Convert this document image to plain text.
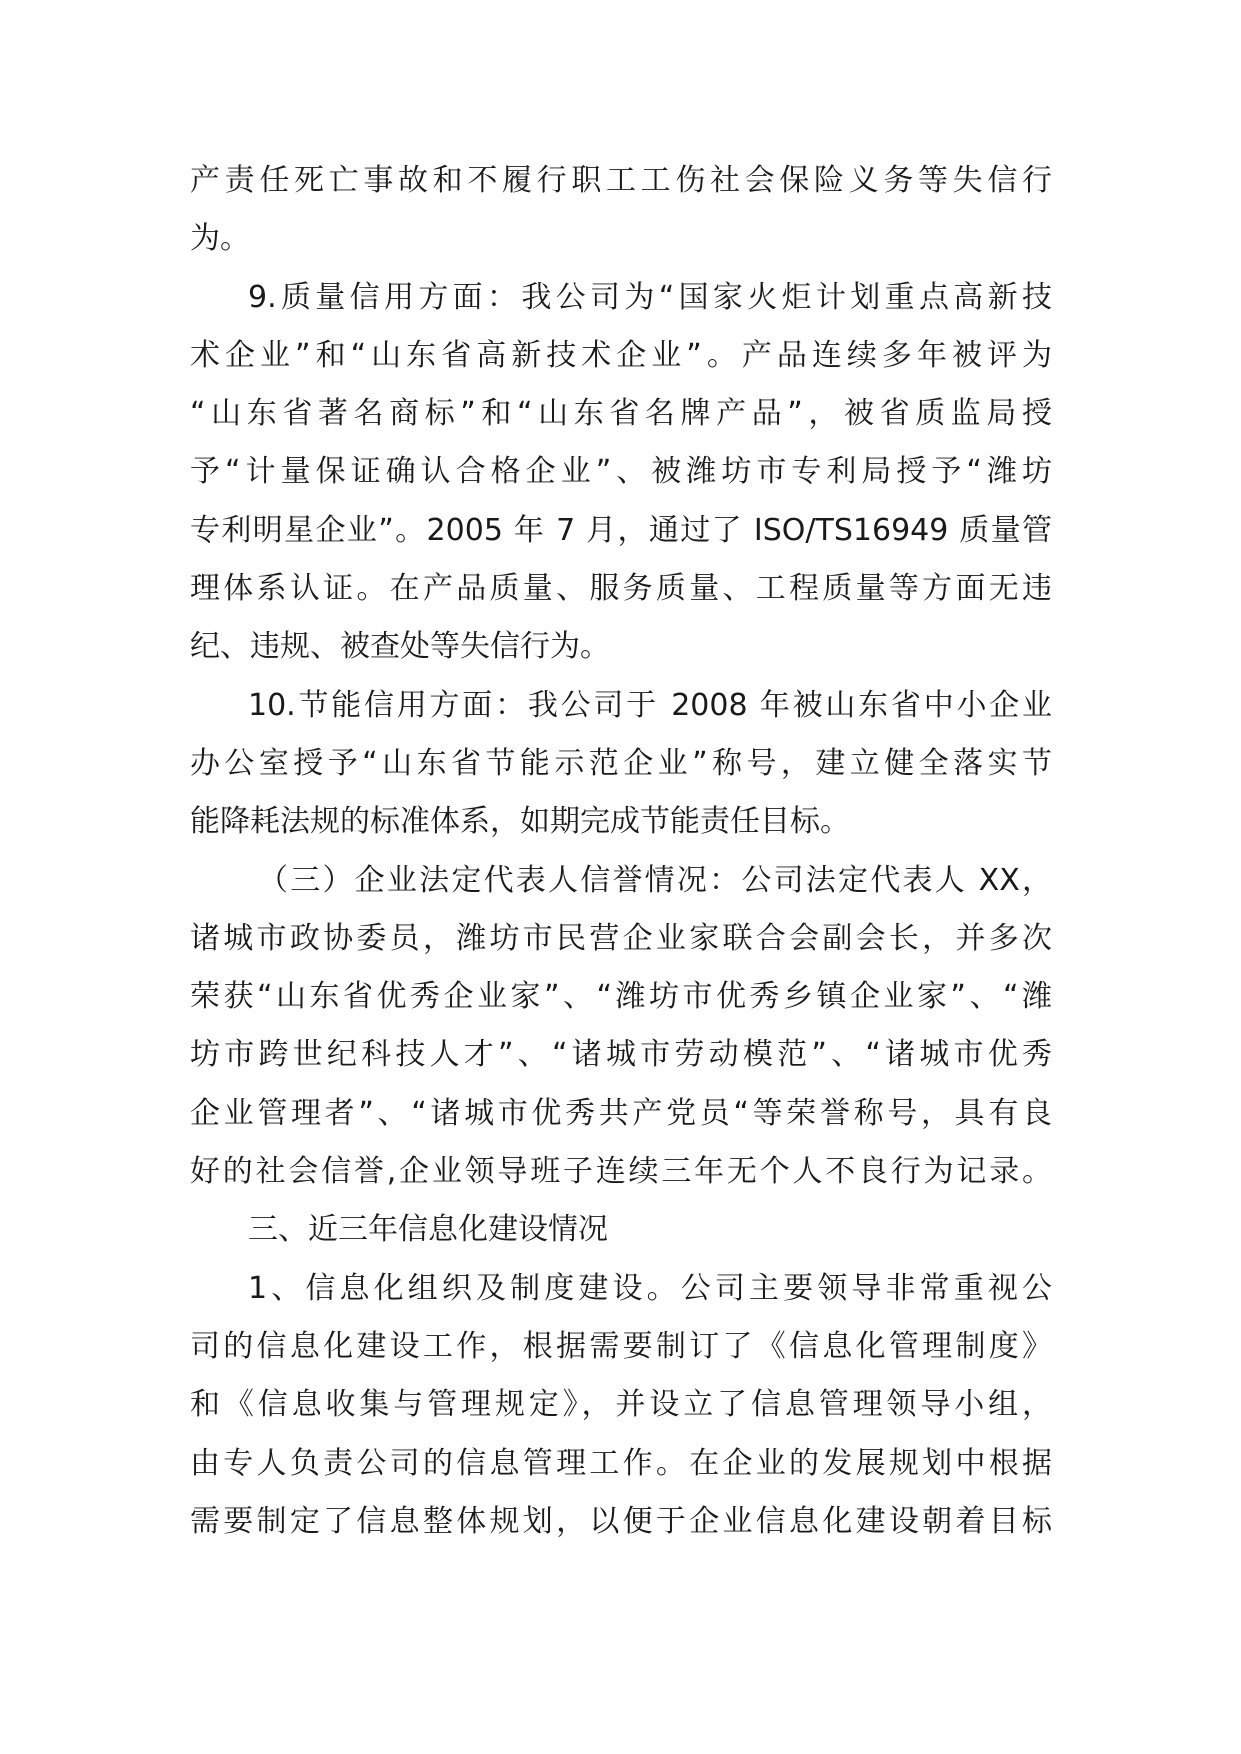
产责任死亡事故和不履行职工工伤社会保险义务等失信行
为。
9.质量信用方面：我公司为“国家火炬计划重点高新技
术企业”和“山东省高新技术企业”。产品连续多年被评为
“山东省著名商标”和“山东省名牌产品”，被省质监局授
予“计量保证确认合格企业”、被潍坊市专利局授予“潍坊
专利明星企业”。2005 年 7 月，通过了 ISO/TS16949 质量管
理体系认证。在产品质量、服务质量、工程质量等方面无违
纪、违规、被查处等失信行为。
10.节能信用方面：我公司于 2008 年被山东省中小企业
办公室授予“山东省节能示范企业”称号，建立健全落实节
能降耗法规的标准体系，如期完成节能责任目标。
（三）企业法定代表人信誉情况：公司法定代表人 XX，
诸城市政协委员，潍坊市民营企业家联合会副会长，并多次
荣获“山东省优秀企业家”、“潍坊市优秀乡镇企业家”、“潍
坊市跨世纪科技人才”、“诸城市劳动模范”、“诸城市优秀
企业管理者”、“诸城市优秀共产党员“等荣誉称号，具有良
好的社会信誉,企业领导班子连续三年无个人不良行为记录。
三、近三年信息化建设情况
1、信息化组织及制度建设。公司主要领导非常重视公
司的信息化建设工作，根据需要制订了《信息化管理制度》
和《信息收集与管理规定》，并设立了信息管理领导小组，
由专人负责公司的信息管理工作。在企业的发展规划中根据
需要制定了信息整体规划，以便于企业信息化建设朝着目标
